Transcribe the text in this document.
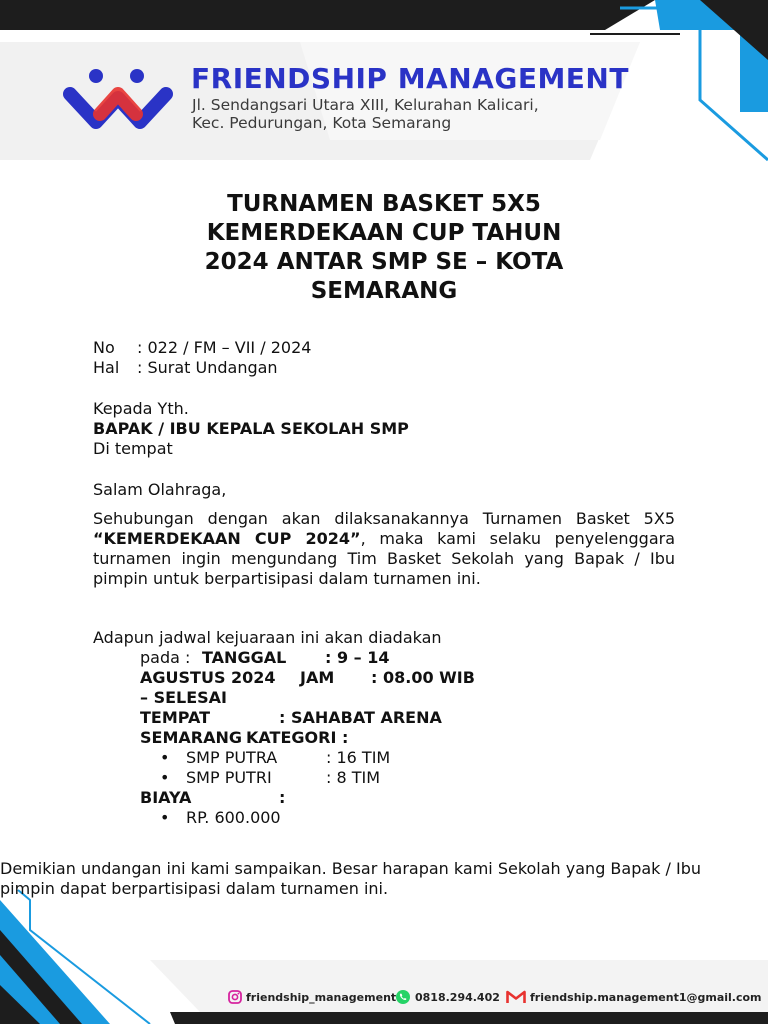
FRIENDSHIP MANAGEMENT
Jl. Sendangsari Utara XIII, Kelurahan Kalicari,
Kec. Pedurungan, Kota Semarang
TURNAMEN BASKET 5X5
KEMERDEKAAN CUP TAHUN
2024 ANTAR SMP SE – KOTA
SEMARANG
No : 022 / FM – VII / 2024
Hal : Surat Undangan
Kepada Yth.
BAPAK / IBU KEPALA SEKOLAH SMP
Di tempat
Salam Olahraga,
Sehubungan dengan akan dilaksanakannya Turnamen Basket 5X5 “KEMERDEKAAN CUP 2024”, maka kami selaku penyelenggara turnamen ingin mengundang Tim Basket Sekolah yang Bapak / Ibu pimpin untuk berpartisipasi dalam turnamen ini.
Adapun jadwal kejuaraan ini akan diadakan
pada : TANGGAL : 9 – 14
AGUSTUS 2024 JAM : 08.00 WIB
– SELESAI
TEMPAT	: SAHABAT ARENA
SEMARANG KATEGORI :
• SMP PUTRA	: 16 TIM
• SMP PUTRI	: 8 TIM
BIAYA	:
• RP. 600.000
Demikian undangan ini kami sampaikan. Besar harapan kami Sekolah yang Bapak / Ibu pimpin dapat berpartisipasi dalam turnamen ini.
friendship_management 0818.294.402	friendship.management1@gmail.com
